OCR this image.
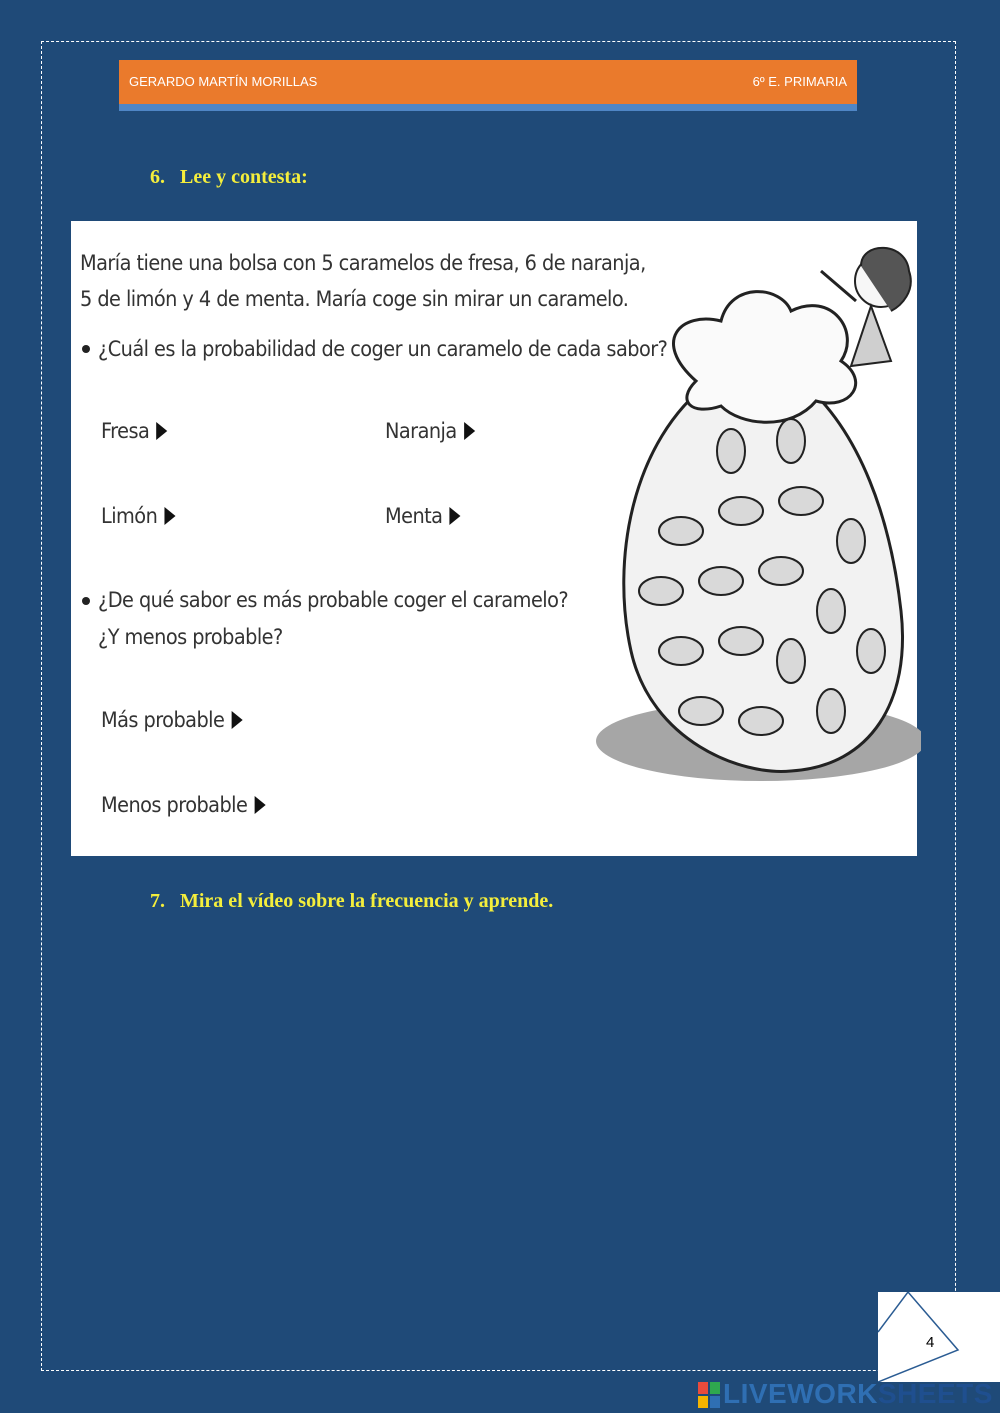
GERARDO MARTÍN MORILLAS	6º E. PRIMARIA
6. Lee y contesta:
María tiene una bolsa con 5 caramelos de fresa, 6 de naranja,
5 de limón y 4 de menta. María coge sin mirar un caramelo.
¿Cuál es la probabilidad de coger un caramelo de cada sabor?
Fresa	Naranja
Limón	Menta
¿De qué sabor es más probable coger el caramelo?
¿Y menos probable?
Más probable
Menos probable
7. Mira el vídeo sobre la frecuencia y aprende.
4
LIVEWORKSHEETS
